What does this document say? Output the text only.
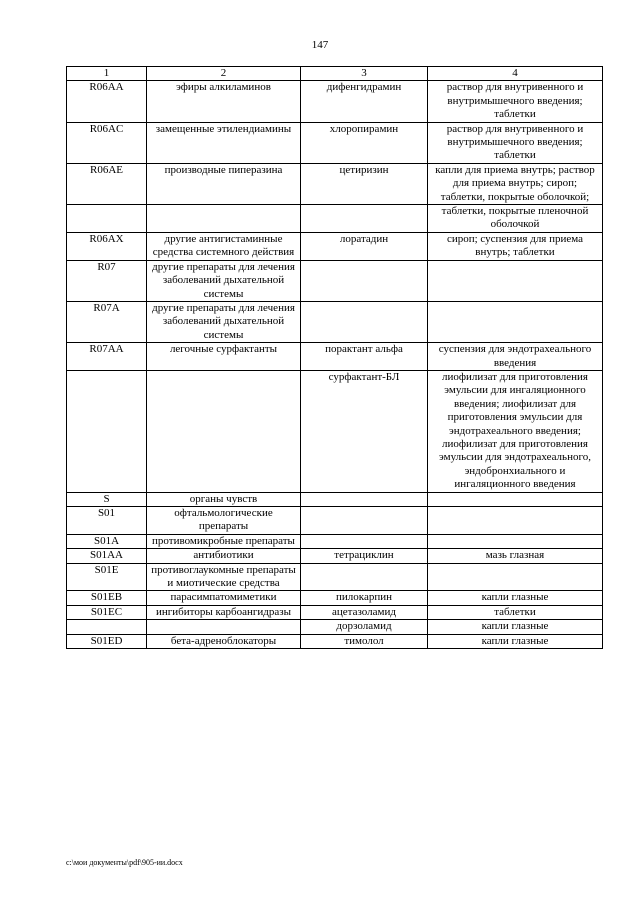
147
1	2	3	4
R06AA	эфиры алкиламинов	дифенгидрамин	раствор для внутривенного и внутримышечного введения; таблетки
R06AC	замещенные этилендиамины	хлоропирамин	раствор для внутривенного и внутримышечного введения; таблетки
R06AE	производные пиперазина	цетиризин	капли для приема внутрь; раствор для приема внутрь; сироп; таблетки, покрытые оболочкой;
			таблетки, покрытые пленочной оболочкой
R06AX	другие антигистаминные средства системного действия	лоратадин	сироп; суспензия для приема внутрь; таблетки
R07	другие препараты для лечения заболеваний дыхательной системы		
R07A	другие препараты для лечения заболеваний дыхательной системы		
R07AA	легочные сурфактанты	порактант альфа	суспензия для эндотрахеального введения
		сурфактант-БЛ	лиофилизат для приготовления эмульсии для ингаляционного введения; лиофилизат для приготовления эмульсии для эндотрахеального введения; лиофилизат для приготовления эмульсии для эндотрахеального, эндобронхиального и ингаляционного введения
S	органы чувств		
S01	офтальмологические препараты		
S01A	противомикробные препараты		
S01AA	антибиотики	тетрациклин	мазь глазная
S01E	противоглаукомные препараты и миотические средства		
S01EB	парасимпатомиметики	пилокарпин	капли глазные
S01EC	ингибиторы карбоангидразы	ацетазоламид	таблетки
		дорзоламид	капли глазные
S01ED	бета-адреноблокаторы	тимолол	капли глазные
c:\мои документы\pdf\905-ии.docx
